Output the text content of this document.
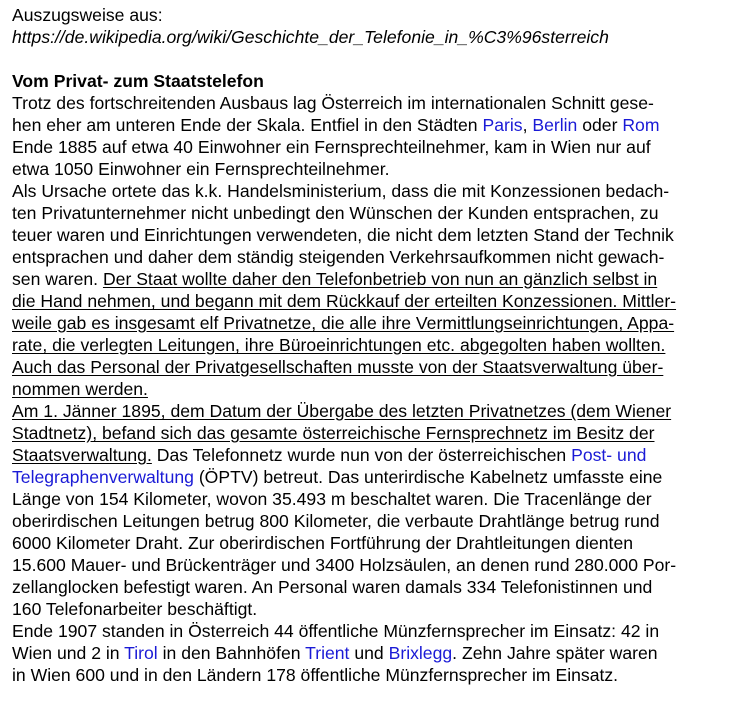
Auszugsweise aus:
https://de.wikipedia.org/wiki/Geschichte_der_Telefonie_in_%C3%96sterreich
Vom Privat- zum Staatstelefon
Trotz des fortschreitenden Ausbaus lag Österreich im internationalen Schnitt gese-
hen eher am unteren Ende der Skala. Entfiel in den Städten Paris, Berlin oder Rom
Ende 1885 auf etwa 40 Einwohner ein Fernsprechteilnehmer, kam in Wien nur auf
etwa 1050 Einwohner ein Fernsprechteilnehmer.
Als Ursache ortete das k.k. Handelsministerium, dass die mit Konzessionen bedach-
ten Privatunternehmer nicht unbedingt den Wünschen der Kunden entsprachen, zu
teuer waren und Einrichtungen verwendeten, die nicht dem letzten Stand der Technik
entsprachen und daher dem ständig steigenden Verkehrsaufkommen nicht gewach-
sen waren. Der Staat wollte daher den Telefonbetrieb von nun an gänzlich selbst in
die Hand nehmen, und begann mit dem Rückkauf der erteilten Konzessionen. Mittler-
weile gab es insgesamt elf Privatnetze, die alle ihre Vermittlungseinrichtungen, Appa-
rate, die verlegten Leitungen, ihre Büroeinrichtungen etc. abgegolten haben wollten.
Auch das Personal der Privatgesellschaften musste von der Staatsverwaltung über-
nommen werden.
Am 1. Jänner 1895, dem Datum der Übergabe des letzten Privatnetzes (dem Wiener
Stadtnetz), befand sich das gesamte österreichische Fernsprechnetz im Besitz der
Staatsverwaltung. Das Telefonnetz wurde nun von der österreichischen Post- und
Telegraphenverwaltung (ÖPTV) betreut. Das unterirdische Kabelnetz umfasste eine
Länge von 154 Kilometer, wovon 35.493 m beschaltet waren. Die Tracenlänge der
oberirdischen Leitungen betrug 800 Kilometer, die verbaute Drahtlänge betrug rund
6000 Kilometer Draht. Zur oberirdischen Fortführung der Drahtleitungen dienten
15.600 Mauer- und Brückenträger und 3400 Holzsäulen, an denen rund 280.000 Por-
zellanglocken befestigt waren. An Personal waren damals 334 Telefonistinnen und
160 Telefonarbeiter beschäftigt.
Ende 1907 standen in Österreich 44 öffentliche Münzfernsprecher im Einsatz: 42 in
Wien und 2 in Tirol in den Bahnhöfen Trient und Brixlegg. Zehn Jahre später waren
in Wien 600 und in den Ländern 178 öffentliche Münzfernsprecher im Einsatz.
